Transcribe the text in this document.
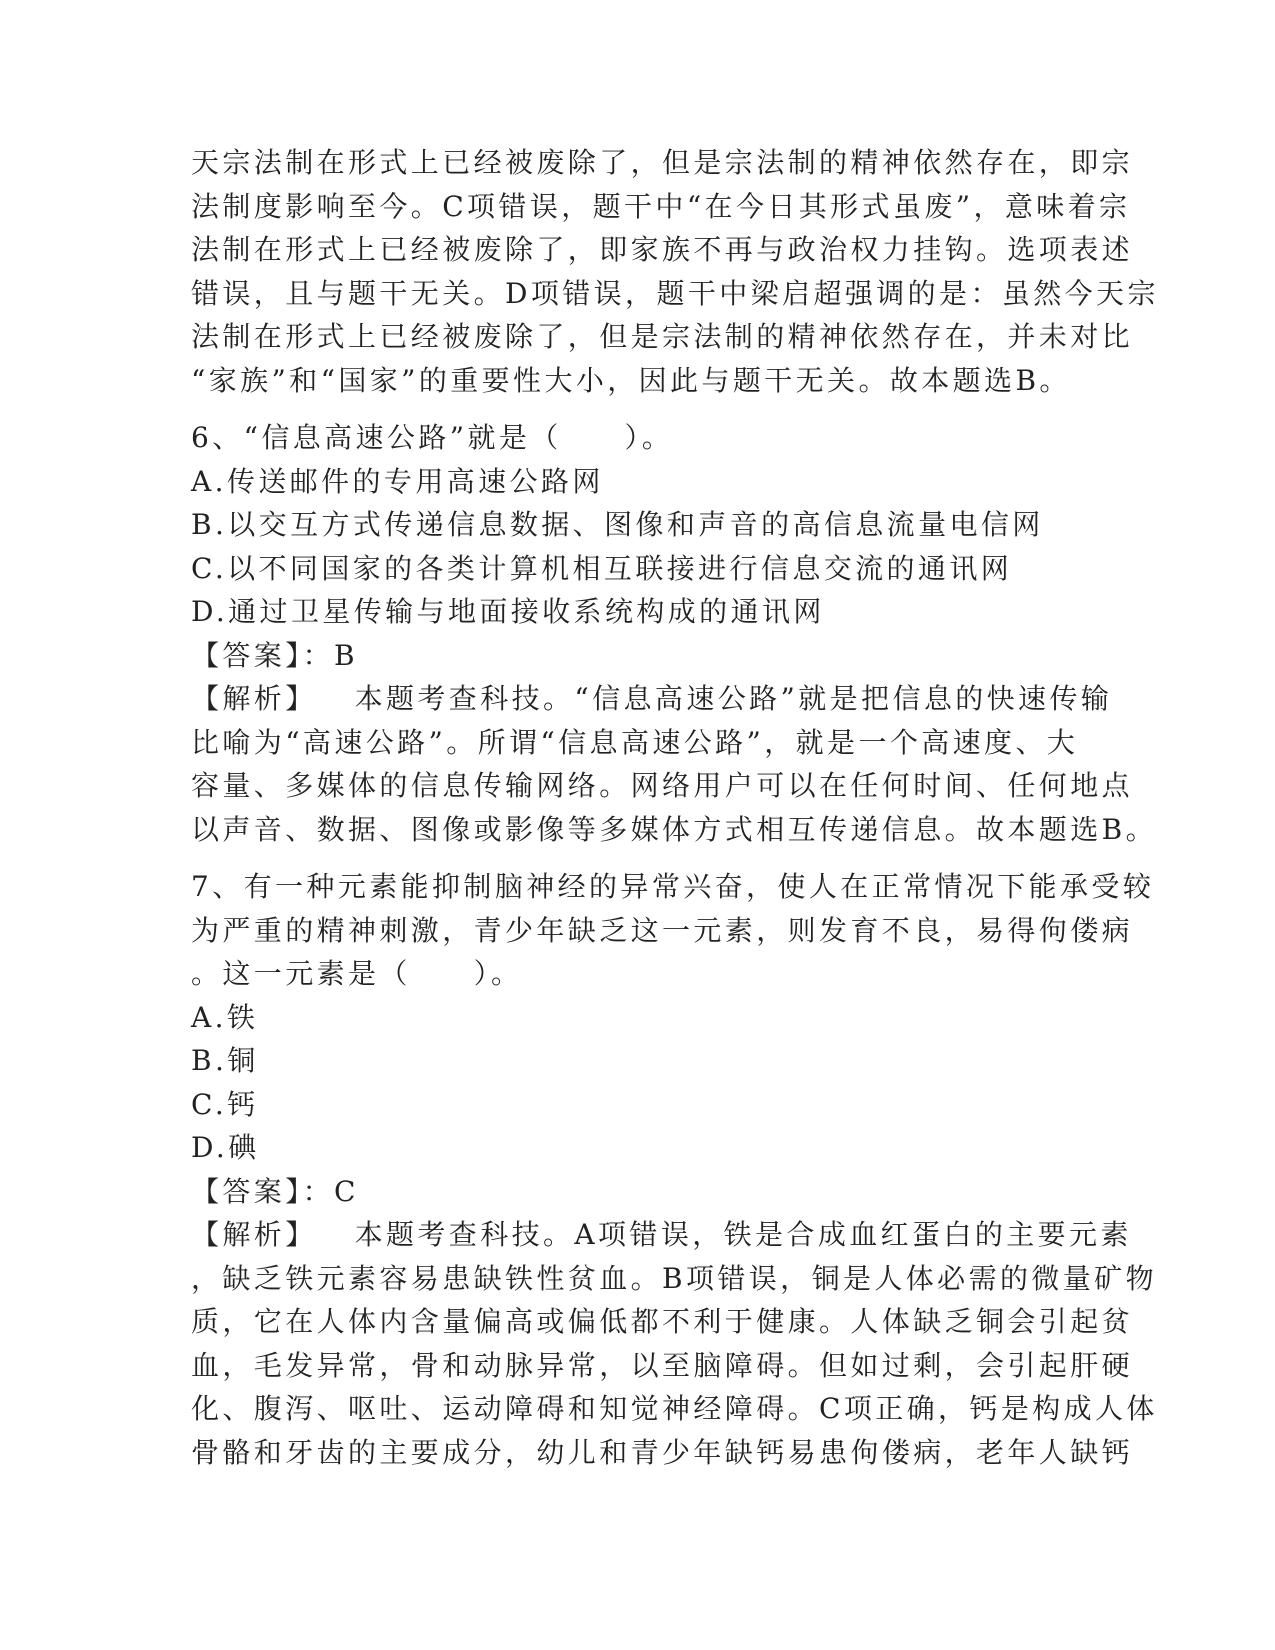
天宗法制在形式上已经被废除了，但是宗法制的精神依然存在，即宗
法制度影响至今。C项错误，题干中“在今日其形式虽废”，意味着宗
法制在形式上已经被废除了，即家族不再与政治权力挂钩。选项表述
错误，且与题干无关。D项错误，题干中梁启超强调的是：虽然今天宗
法制在形式上已经被废除了，但是宗法制的精神依然存在，并未对比
“家族”和“国家”的重要性大小，因此与题干无关。故本题选B。
6、“信息高速公路”就是（　　）。
A.传送邮件的专用高速公路网
B.以交互方式传递信息数据、图像和声音的高信息流量电信网
C.以不同国家的各类计算机相互联接进行信息交流的通讯网
D.通过卫星传输与地面接收系统构成的通讯网
【答案】：B
【解析】 本题考查科技。“信息高速公路”就是把信息的快速传输
比喻为“高速公路”。所谓“信息高速公路”，就是一个高速度、大
容量、多媒体的信息传输网络。网络用户可以在任何时间、任何地点
以声音、数据、图像或影像等多媒体方式相互传递信息。故本题选B。
7、有一种元素能抑制脑神经的异常兴奋，使人在正常情况下能承受较
为严重的精神刺激，青少年缺乏这一元素，则发育不良，易得佝偻病
。这一元素是（　　）。
A.铁
B.铜
C.钙
D.碘
【答案】：C
【解析】 本题考查科技。A项错误，铁是合成血红蛋白的主要元素
，缺乏铁元素容易患缺铁性贫血。B项错误，铜是人体必需的微量矿物
质，它在人体内含量偏高或偏低都不利于健康。人体缺乏铜会引起贫
血，毛发异常，骨和动脉异常，以至脑障碍。但如过剩，会引起肝硬
化、腹泻、呕吐、运动障碍和知觉神经障碍。C项正确，钙是构成人体
骨骼和牙齿的主要成分，幼儿和青少年缺钙易患佝偻病，老年人缺钙
